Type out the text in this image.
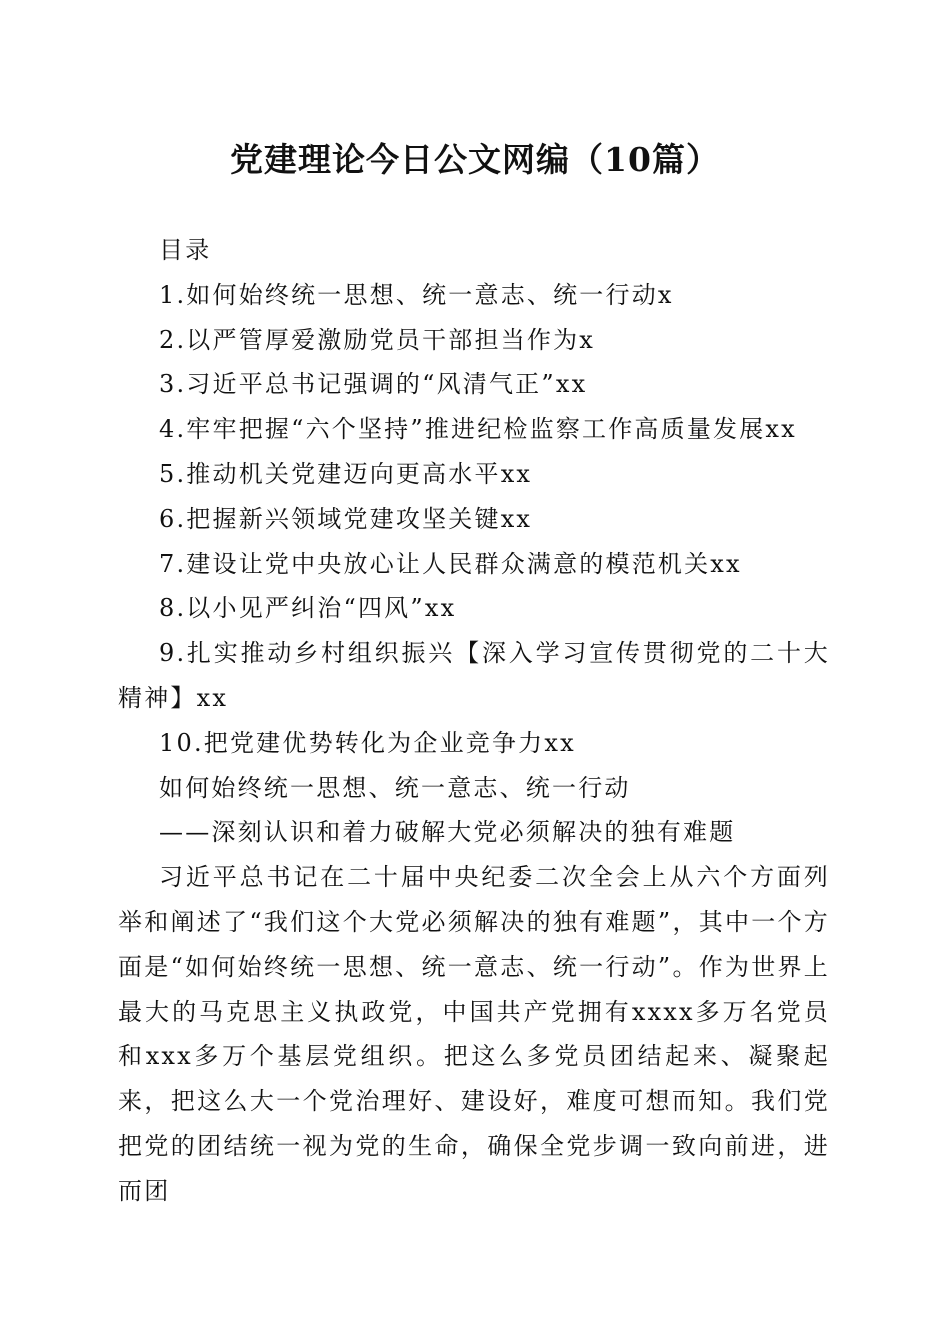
党建理论今日公文网编（10篇）

目录

1.如何始终统一思想、统一意志、统一行动x

2.以严管厚爱激励党员干部担当作为x

3.习近平总书记强调的“风清气正”xx

4.牢牢把握“六个坚持”推进纪检监察工作高质量发展xx

5.推动机关党建迈向更高水平xx

6.把握新兴领域党建攻坚关键xx

7.建设让党中央放心让人民群众满意的模范机关xx

8.以小见严纠治“四风”xx

9.扎实推动乡村组织振兴【深入学习宣传贯彻党的二十大精神】xx

10.把党建优势转化为企业竞争力xx

如何始终统一思想、统一意志、统一行动

——深刻认识和着力破解大党必须解决的独有难题

习近平总书记在二十届中央纪委二次全会上从六个方面列举和阐述了“我们这个大党必须解决的独有难题”，其中一个方面是“如何始终统一思想、统一意志、统一行动”。作为世界上最大的马克思主义执政党，中国共产党拥有xxxx多万名党员和xxx多万个基层党组织。把这么多党员团结起来、凝聚起来，把这么大一个党治理好、建设好，难度可想而知。我们党把党的团结统一视为党的生命，确保全党步调一致向前进，进而团
